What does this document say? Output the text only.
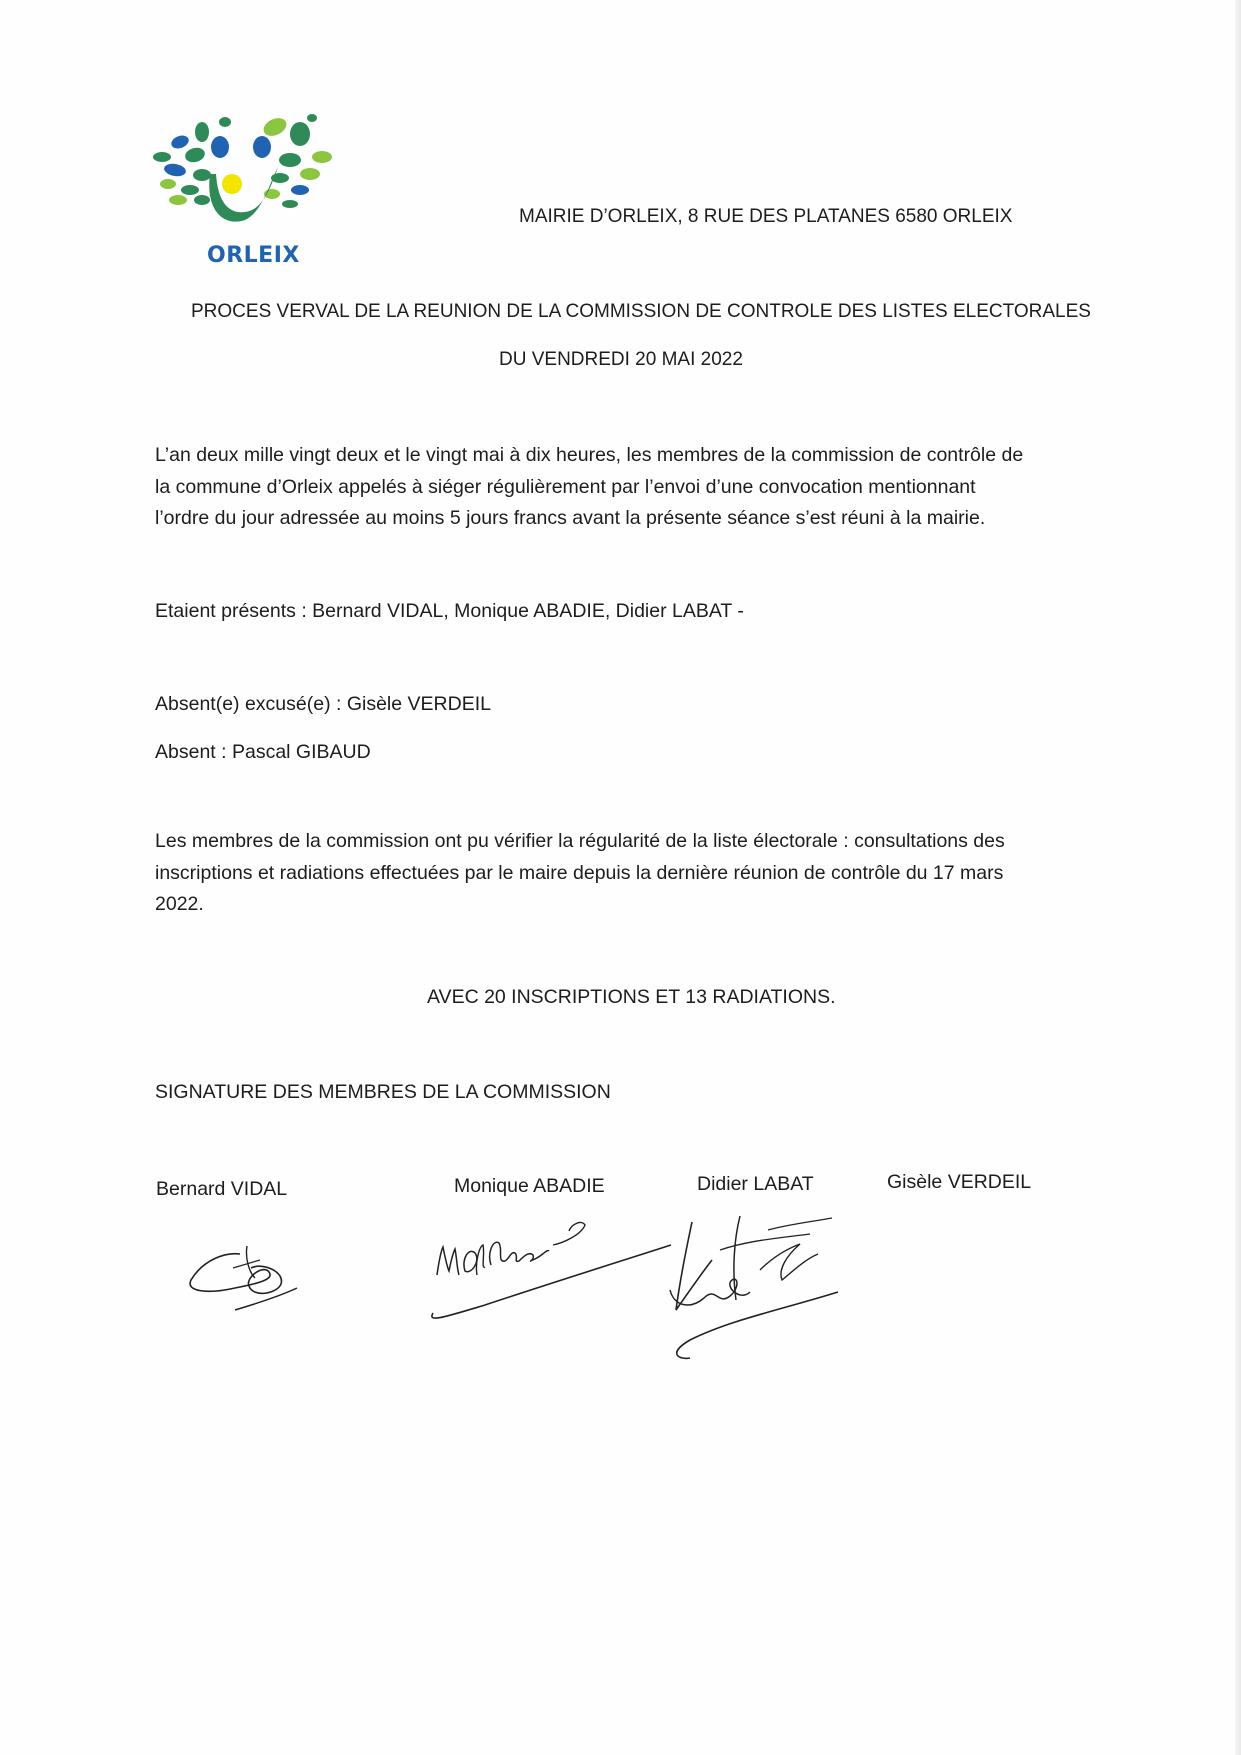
ORLEIX
MAIRIE D’ORLEIX, 8 RUE DES PLATANES 6580 ORLEIX
PROCES VERVAL DE LA REUNION DE LA COMMISSION DE CONTROLE DES LISTES ELECTORALES
DU VENDREDI 20 MAI 2022
L’an deux mille vingt deux et le vingt mai à dix heures, les membres de la commission de contrôle de
la commune d’Orleix appelés à siéger régulièrement par l’envoi d’une convocation mentionnant
l’ordre du jour adressée au moins 5 jours francs avant la présente séance s’est réuni à la mairie.
Etaient présents : Bernard VIDAL, Monique ABADIE, Didier LABAT -
Absent(e) excusé(e) : Gisèle VERDEIL
Absent : Pascal GIBAUD
Les membres de la commission ont pu vérifier la régularité de la liste électorale : consultations des
inscriptions et radiations effectuées par le maire depuis la dernière réunion de contrôle du 17 mars
2022.
AVEC 20 INSCRIPTIONS ET 13 RADIATIONS.
SIGNATURE DES MEMBRES DE LA COMMISSION
Bernard VIDAL	Monique ABADIE	Didier LABAT	Gisèle VERDEIL
